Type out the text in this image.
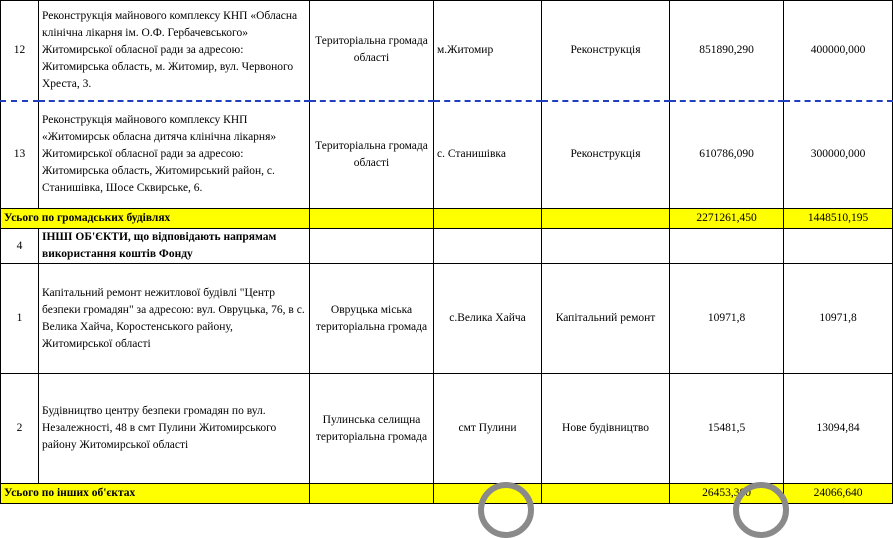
12	Реконструкція майнового комплексу КНП «Обласна клінічна лікарня ім. О.Ф. Гербачевського» Житомирської обласної ради за адресою: Житомирська область, м. Житомир, вул. Червоного Хреста, 3.	Територіальна громада області	м.Житомир	Реконструкція	851890,290	400000,000
13	Реконструкція майнового комплексу КНП «Житомирськ обласна дитяча клінічна лікарня» Житомирської обласної ради за адресою: Житомирська область, Житомирський район, с. Станишівка, Шосе Сквирське, 6.	Територіальна громада області	с. Станишівка	Реконструкція	610786,090	300000,000
Усього по громадських будівлях					2271261,450	1448510,195
4	ІНШІ ОБ'ЄКТИ, що відповідають напрямам використання коштів Фонду					
1	Капітальний ремонт нежитлової будівлі "Центр безпеки громадян" за адресою: вул. Овруцька, 76, в с. Велика Хайча, Коростенського району, Житомирської області	Овруцька міська територіальна громада	с.Велика Хайча	Капітальний ремонт	10971,8	10971,8
2	Будівництво центру безпеки громадян по вул. Незалежності, 48 в смт Пулини Житомирського району Житомирської області	Пулинська селищна територіальна громада	смт Пулини	Нове будівництво	15481,5	13094,84
Усього по інших об'єктах					26453,300	24066,640
